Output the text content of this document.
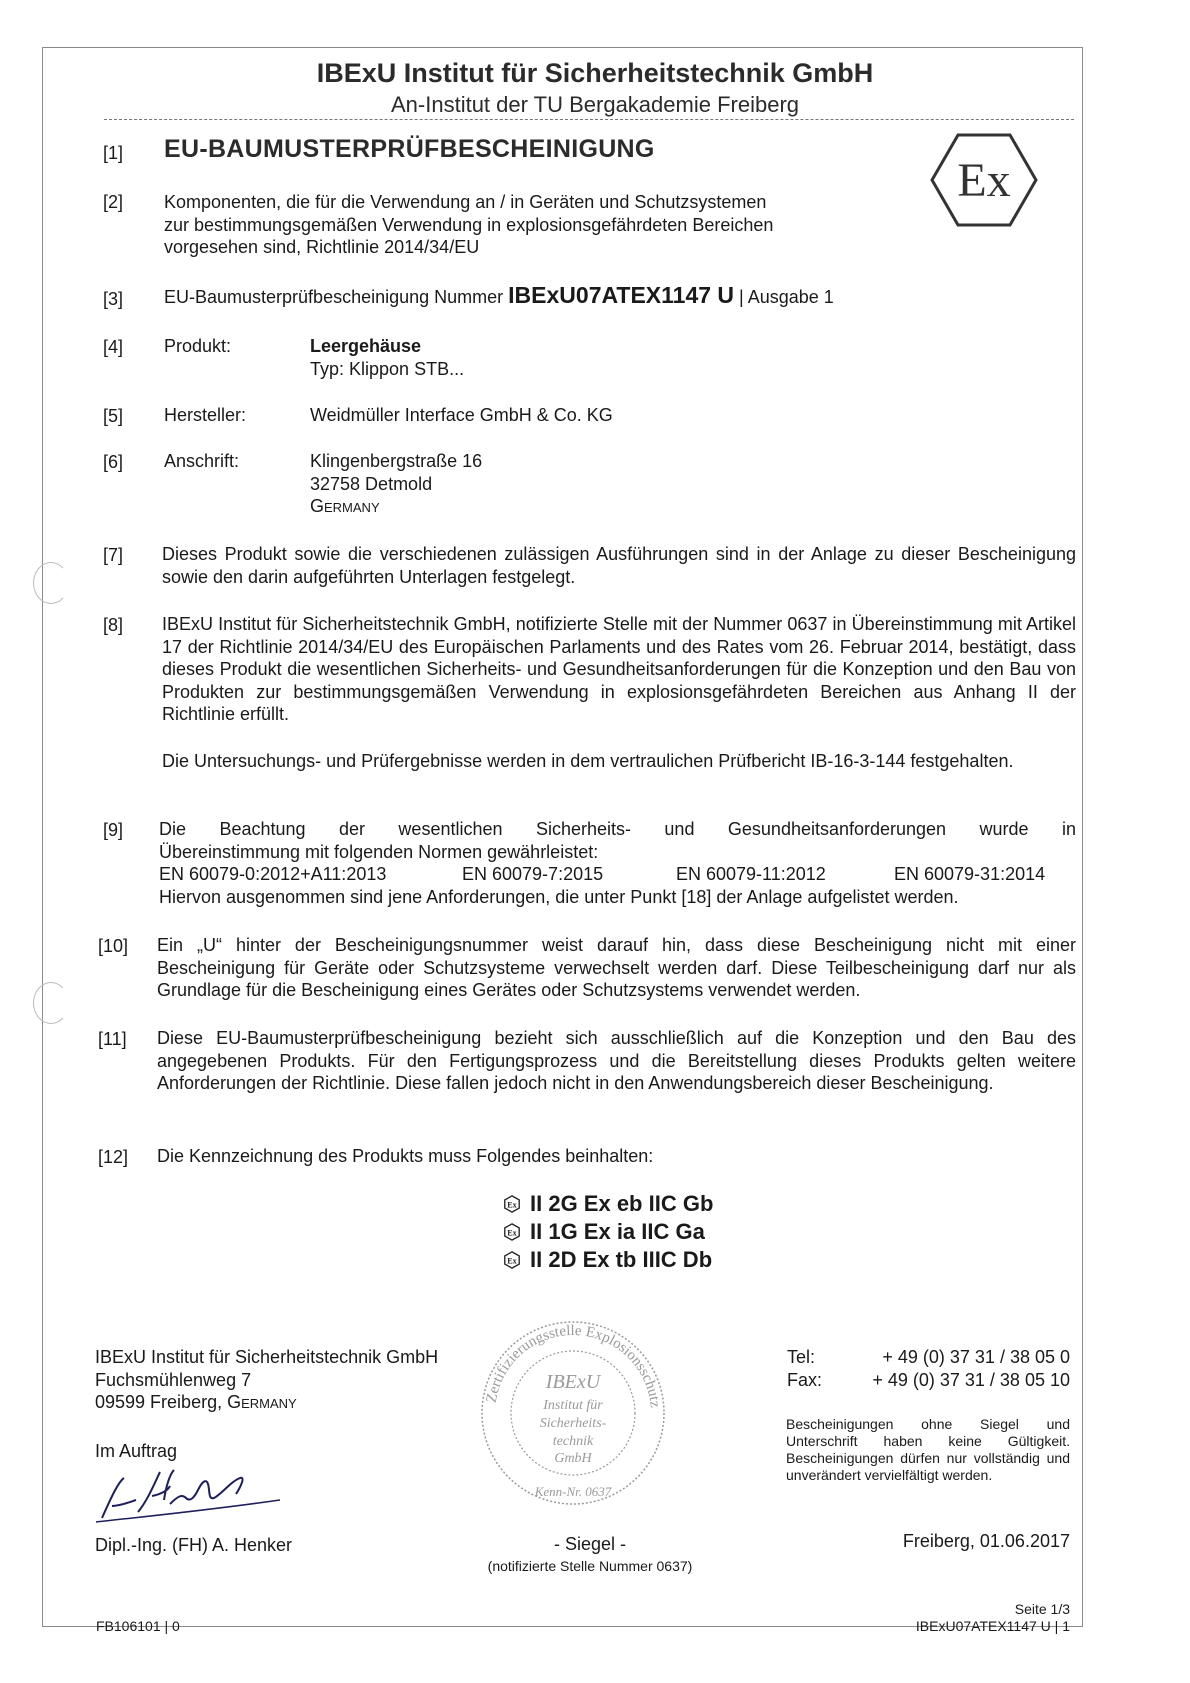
IBExU Institut für Sicherheitstechnik GmbH
An-Institut der TU Bergakademie Freiberg
Ex
[1] EU-BAUMUSTERPRÜFBESCHEINIGUNG
[2] Komponenten, die für die Verwendung an / in Geräten und Schutzsystemen
zur bestimmungsgemäßen Verwendung in explosionsgefährdeten Bereichen
vorgesehen sind, Richtlinie 2014/34/EU
[3] EU-Baumusterprüfbescheinigung Nummer IBExU07ATEX1147 U | Ausgabe 1
[4] Produkt:	Leergehäuse
Typ: Klippon STB...
[5] Hersteller:	Weidmüller Interface GmbH & Co. KG
[6] Anschrift:	Klingenbergstraße 16
32758 Detmold
Germany
[7] Dieses Produkt sowie die verschiedenen zulässigen Ausführungen sind in der Anlage zu dieser Bescheinigung sowie den darin aufgeführten Unterlagen festgelegt.
[8] IBExU Institut für Sicherheitstechnik GmbH, notifizierte Stelle mit der Nummer 0637 in Übereinstimmung mit Artikel 17 der Richtlinie 2014/34/EU des Europäischen Parlaments und des Rates vom 26. Februar 2014, bestätigt, dass dieses Produkt die wesentlichen Sicherheits- und Gesundheitsanforderungen für die Konzeption und den Bau von Produkten zur bestimmungsgemäßen Verwendung in explosionsgefährdeten Bereichen aus Anhang II der Richtlinie erfüllt.
Die Untersuchungs- und Prüfergebnisse werden in dem vertraulichen Prüfbericht IB-16-3-144 festgehalten.
[9] Die Beachtung der wesentlichen Sicherheits- und Gesundheitsanforderungen wurde in
Übereinstimmung mit folgenden Normen gewährleistet:
EN 60079-0:2012+A11:2013	EN 60079-7:2015	EN 60079-11:2012	EN 60079-31:2014
Hiervon ausgenommen sind jene Anforderungen, die unter Punkt [18] der Anlage aufgelistet werden.
[10] Ein „U“ hinter der Bescheinigungsnummer weist darauf hin, dass diese Bescheinigung nicht mit einer Bescheinigung für Geräte oder Schutzsysteme verwechselt werden darf. Diese Teilbescheinigung darf nur als Grundlage für die Bescheinigung eines Gerätes oder Schutzsystems verwendet werden.
[11] Diese EU-Baumusterprüfbescheinigung bezieht sich ausschließlich auf die Konzeption und den Bau des angegebenen Produkts. Für den Fertigungsprozess und die Bereitstellung dieses Produkts gelten weitere Anforderungen der Richtlinie. Diese fallen jedoch nicht in den Anwendungsbereich dieser Bescheinigung.
[12] Die Kennzeichnung des Produkts muss Folgendes beinhalten:
Ex II 2G Ex eb IIC Gb
Ex II 1G Ex ia IIC Ga
Ex II 2D Ex tb IIIC Db
IBExU Institut für Sicherheitstechnik GmbH
Fuchsmühlenweg 7
09599 Freiberg, Germany
Im Auftrag
Dipl.-Ing. (FH) A. Henker
Zertifizierungsstelle Explosionsschutz
IBExU
Institut für
Sicherheits-
technik
GmbH
Kenn-Nr. 0637
- Siegel -
(notifizierte Stelle Nummer 0637)
Tel:	+ 49 (0) 37 31 / 38 05 0
Fax:	+ 49 (0) 37 31 / 38 05 10
Bescheinigungen ohne Siegel und Unterschrift haben keine Gültigkeit. Bescheinigungen dürfen nur vollständig und unverändert vervielfältigt werden.
Freiberg, 01.06.2017
Seite 1/3
IBExU07ATEX1147 U | 1
FB106101 | 0
